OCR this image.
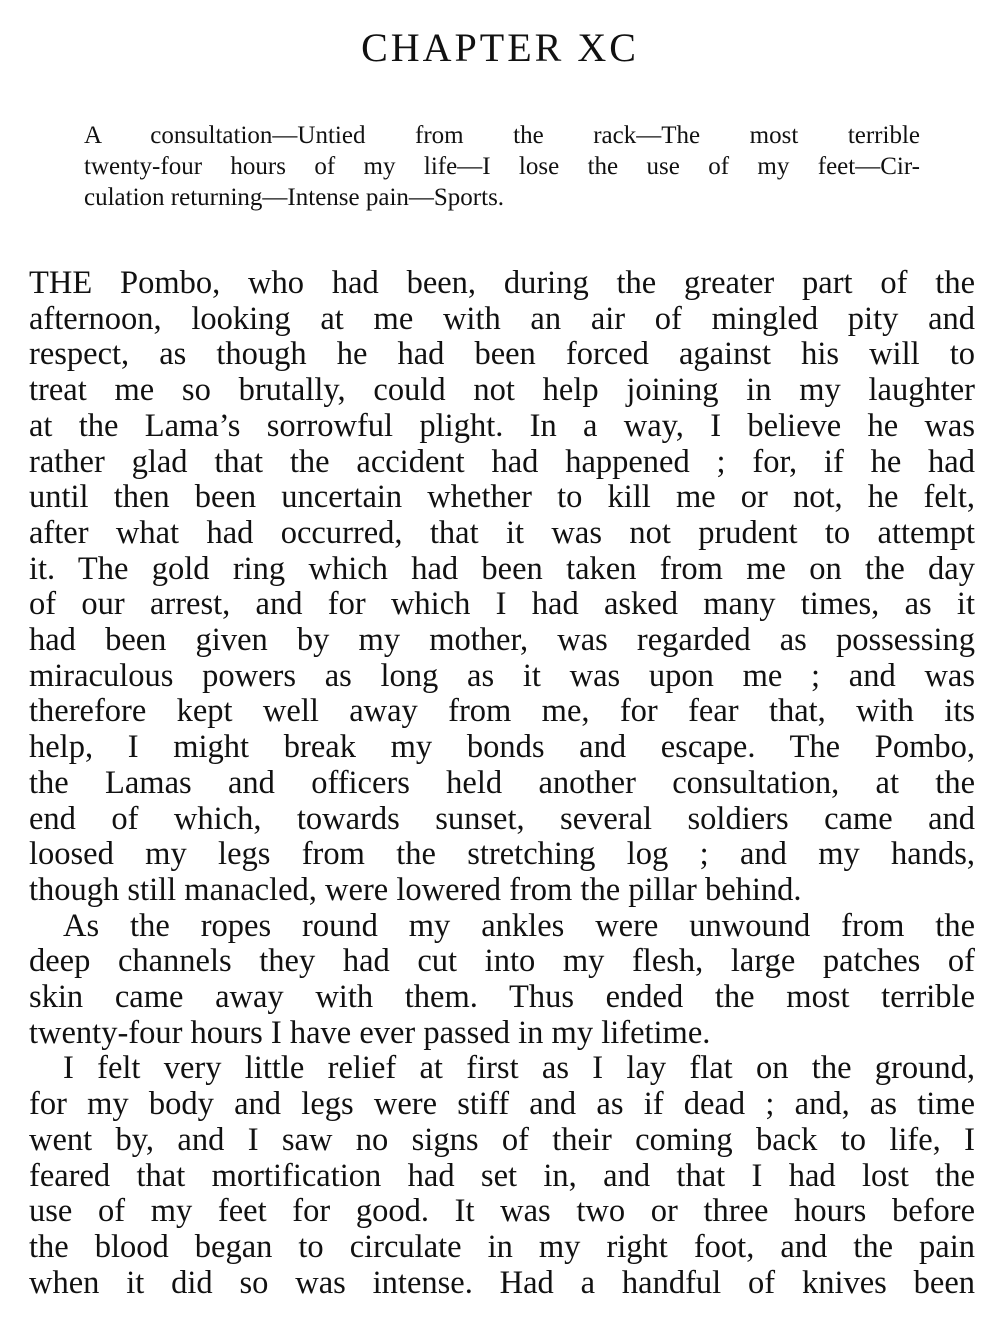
CHAPTER XC
A consultation—Untied from the rack—The most terrible
twenty-four hours of my life—I lose the use of my feet—Cir-
culation returning—Intense pain—Sports.
THE Pombo, who had been, during the greater part of the
afternoon, looking at me with an air of mingled pity and
respect, as though he had been forced against his will to
treat me so brutally, could not help joining in my laughter
at the Lama’s sorrowful plight. In a way, I believe he was
rather glad that the accident had happened ; for, if he had
until then been uncertain whether to kill me or not, he felt,
after what had occurred, that it was not prudent to attempt
it. The gold ring which had been taken from me on the day
of our arrest, and for which I had asked many times, as it
had been given by my mother, was regarded as possessing
miraculous powers as long as it was upon me ; and was
therefore kept well away from me, for fear that, with its
help, I might break my bonds and escape. The Pombo,
the Lamas and officers held another consultation, at the
end of which, towards sunset, several soldiers came and
loosed my legs from the stretching log ; and my hands,
though still manacled, were lowered from the pillar behind.
As the ropes round my ankles were unwound from the
deep channels they had cut into my flesh, large patches of
skin came away with them. Thus ended the most terrible
twenty-four hours I have ever passed in my lifetime.
I felt very little relief at first as I lay flat on the ground,
for my body and legs were stiff and as if dead ; and, as time
went by, and I saw no signs of their coming back to life, I
feared that mortification had set in, and that I had lost the
use of my feet for good. It was two or three hours before
the blood began to circulate in my right foot, and the pain
when it did so was intense. Had a handful of knives been
